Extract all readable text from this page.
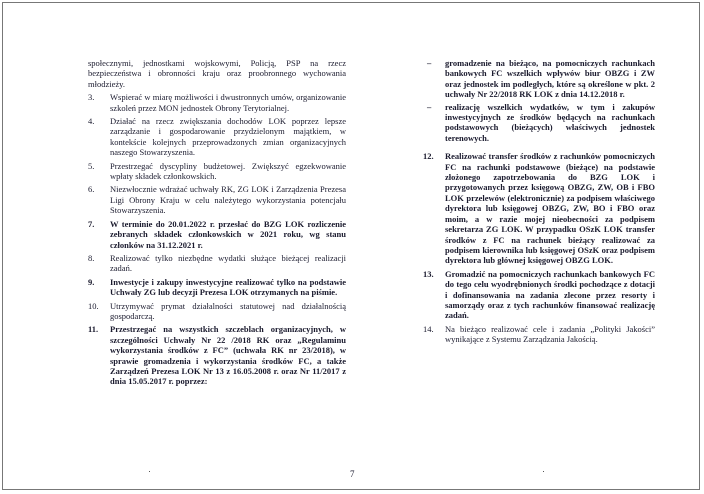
społecznymi, jednostkami wojskowymi, Policją, PSP na rzecz bezpieczeństwa i obronności kraju oraz proobronnego wychowania młodzieży.
3.	Wspierać w miarę możliwości i dwustronnych umów, organizowanie szkoleń przez MON jednostek Obrony Terytorialnej.
4.	Działać na rzecz zwiększania dochodów LOK poprzez lepsze zarządzanie i gospodarowanie przydzielonym majątkiem, w kontekście kolejnych przeprowadzonych zmian organizacyjnych naszego Stowarzyszenia.
5.	Przestrzegać dyscypliny budżetowej. Zwiększyć egzekwowanie wpłaty składek członkowskich.
6.	Niezwłocznie wdrażać uchwały RK, ZG LOK i Zarządzenia Prezesa Ligi Obrony Kraju w celu należytego wykorzystania potencjału Stowarzyszenia.
7.	W terminie do 20.01.2022 r. przesłać do BZG LOK rozliczenie zebranych składek członkowskich w 2021 roku, wg stanu członków na 31.12.2021 r.
8.	Realizować tylko niezbędne wydatki służące bieżącej realizacji zadań.
9.	Inwestycje i zakupy inwestycyjne realizować tylko na podstawie Uchwały ZG lub decyzji Prezesa LOK otrzymanych na piśmie.
10.	Utrzymywać prymat działalności statutowej nad działalnością gospodarczą.
11.	Przestrzegać na wszystkich szczeblach organizacyjnych, w szczególności Uchwały Nr 22 /2018 RK oraz „Regulaminu wykorzystania środków z FC” (uchwała RK nr 23/2018), w sprawie gromadzenia i wykorzystania środków FC, a także Zarządzeń Prezesa LOK Nr 13 z 16.05.2008 r. oraz Nr 11/2017 z dnia 15.05.2017 r. poprzez:
–	gromadzenie na bieżąco, na pomocniczych rachunkach bankowych FC wszelkich wpływów biur OBZG i ZW oraz jednostek im podległych, które są określone w pkt. 2 uchwały Nr 22/2018 RK LOK z dnia 14.12.2018 r.
–	realizację wszelkich wydatków, w tym i zakupów inwestycyjnych ze środków będących na rachunkach podstawowych (bieżących) właściwych jednostek terenowych.
12.	Realizować transfer środków z rachunków pomocniczych FC na rachunki podstawowe (bieżące) na podstawie złożonego zapotrzebowania do BZG LOK i przygotowanych przez księgową OBZG, ZW, OB i FBO LOK przelewów (elektronicznie) za podpisem właściwego dyrektora lub księgowej OBZG, ZW, BO i FBO oraz moim, a w razie mojej nieobecności za podpisem sekretarza ZG LOK. W przypadku OSzK LOK transfer środków z FC na rachunek bieżący realizować za podpisem kierownika lub księgowej OSzK oraz podpisem dyrektora lub głównej księgowej OBZG LOK.
13.	Gromadzić na pomocniczych rachunkach bankowych FC do tego celu wyodrębnionych środki pochodzące z dotacji i dofinansowania na zadania zlecone przez resorty i samorządy oraz z tych rachunków finansować realizację zadań.
14.	Na bieżąco realizować cele i zadania „Polityki Jakości” wynikające z Systemu Zarządzania Jakością.
7
